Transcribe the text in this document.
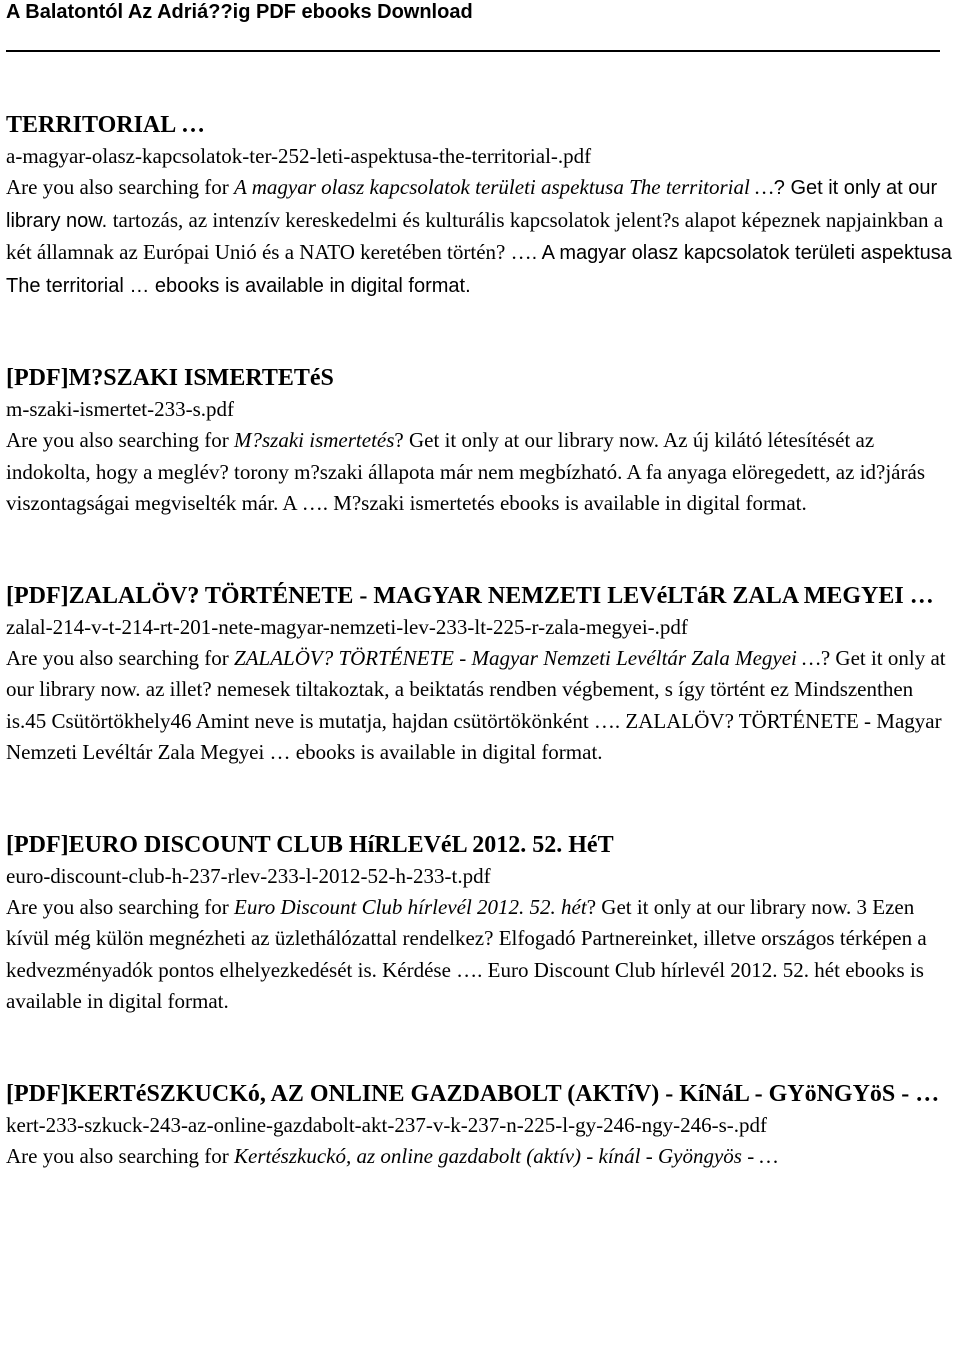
A Balatontól Az Adriá??ig PDF ebooks Download
TERRITORIAL …
a-magyar-olasz-kapcsolatok-ter-252-leti-aspektusa-the-territorial-.pdf
Are you also searching for A magyar olasz kapcsolatok területi aspektusa The territorial …? Get it only at our library now. tartozás, az intenzív kereskedelmi és kulturális kapcsolatok jelent?s alapot képeznek napjainkban a két államnak az Európai Unió és a NATO keretében történ? …. A magyar olasz kapcsolatok területi aspektusa The territorial … ebooks is available in digital format.
[PDF]M?SZAKI ISMERTETéS
m-szaki-ismertet-233-s.pdf
Are you also searching for M?szaki ismertetés? Get it only at our library now. Az új kilátó létesítését az indokolta, hogy a meglév? torony m?szaki állapota már nem megbízható. A fa anyaga elöregedett, az id?járás viszontagságai megviselték már. A …. M?szaki ismertetés ebooks is available in digital format.
[PDF]ZALALÖV? TÖRTÉNETE - MAGYAR NEMZETI LEVéLTáR ZALA MEGYEI …
zalal-214-v-t-214-rt-201-nete-magyar-nemzeti-lev-233-lt-225-r-zala-megyei-.pdf
Are you also searching for ZALALÖV? TÖRTÉNETE - Magyar Nemzeti Levéltár Zala Megyei …? Get it only at our library now. az illet? nemesek tiltakoztak, a beiktatás rendben végbement, s így történt ez Mindszenthen is.45 Csütörtökhely46 Amint neve is mutatja, hajdan csütörtökönként …. ZALALÖV? TÖRTÉNETE - Magyar Nemzeti Levéltár Zala Megyei … ebooks is available in digital format.
[PDF]EURO DISCOUNT CLUB HíRLEVéL 2012. 52. HéT
euro-discount-club-h-237-rlev-233-l-2012-52-h-233-t.pdf
Are you also searching for Euro Discount Club hírlevél 2012. 52. hét? Get it only at our library now. 3 Ezen kívül még külön megnézheti az üzlethálózattal rendelkez? Elfogadó Partnereinket, illetve országos térképen a kedvezményadók pontos elhelyezkedését is. Kérdése …. Euro Discount Club hírlevél 2012. 52. hét ebooks is available in digital format.
[PDF]KERTéSZKUCKó, AZ ONLINE GAZDABOLT (AKTíV) - KíNáL - GYöNGYöS - …
kert-233-szkuck-243-az-online-gazdabolt-akt-237-v-k-237-n-225-l-gy-246-ngy-246-s-.pdf
Are you also searching for Kertészkuckó, az online gazdabolt (aktív) - kínál - Gyöngyös - …
